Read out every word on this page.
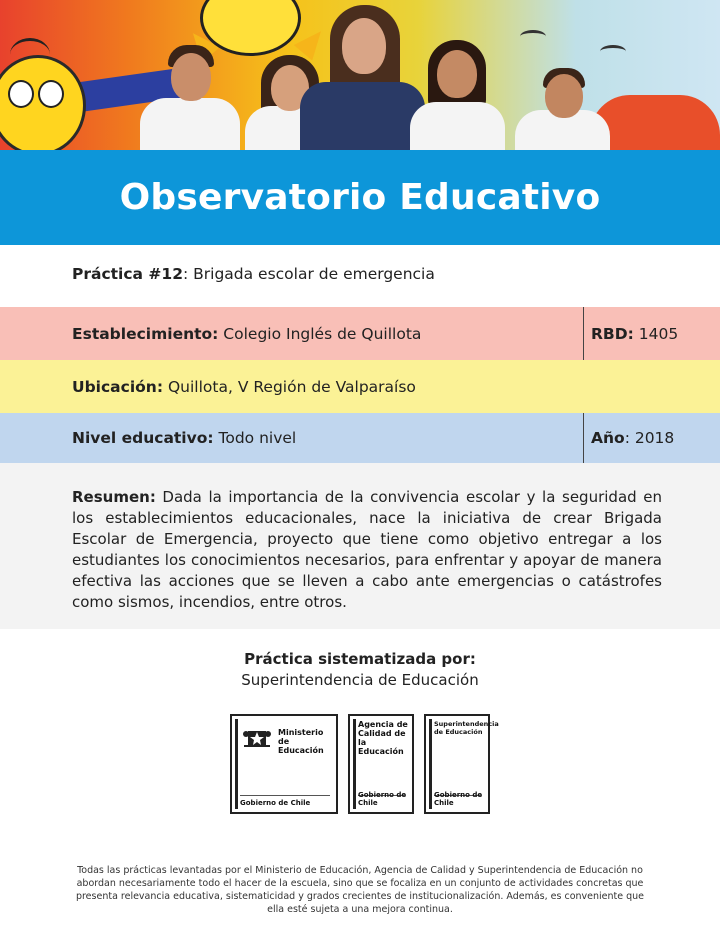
Observatorio Educativo
Práctica #12: Brigada escolar de emergencia
Establecimiento: Colegio Inglés de Quillota	RBD: 1405
Ubicación: Quillota, V Región de Valparaíso
Nivel educativo: Todo nivel	Año : 2018

Resumen: Dada la importancia de la convivencia escolar y la seguridad en los establecimientos educacionales, nace la iniciativa de crear Brigada Escolar de Emergencia, proyecto que tiene como objetivo entregar a los estudiantes los conocimientos necesarios, para enfrentar y apoyar de manera efectiva las acciones que se lleven a cabo ante emergencias o catástrofes como sismos, incendios, entre otros.

Práctica sistematizada por:
Superintendencia de Educación
Ministerio de Educación
Gobierno de Chile
Agencia de Calidad de la Educación
Gobierno de Chile
Superintendencia de Educación
Gobierno de Chile
Todas las prácticas levantadas por el Ministerio de Educación, Agencia de Calidad y Superintendencia de Educación no abordan necesariamente todo el hacer de la escuela, sino que se focaliza en un conjunto de actividades concretas que presenta relevancia educativa, sistematicidad y grados crecientes de institucionalización. Además, es conveniente que ella esté sujeta a una mejora continua.
